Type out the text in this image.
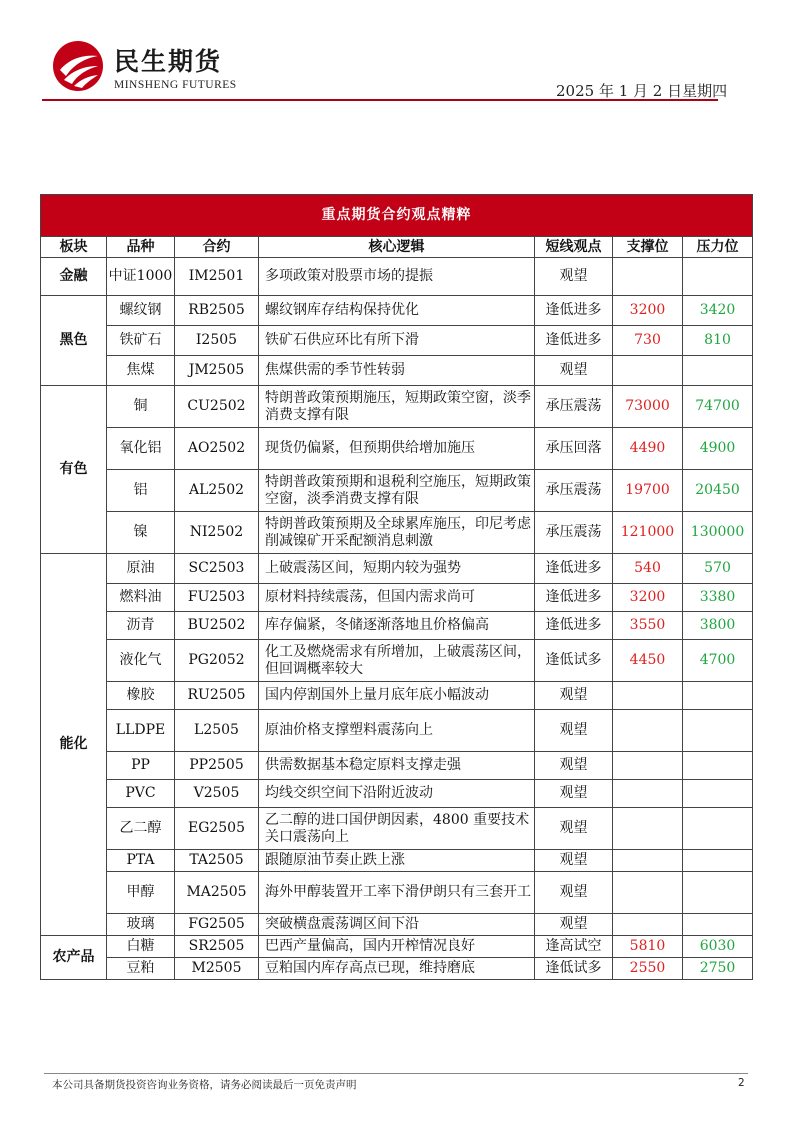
民生期货
MINSHENG FUTURES	2025 年 1 月 2 日星期四
重点期货合约观点精粹						
板块	品种	合约	核心逻辑	短线观点	支撑位	压力位
金融	中证1000	IM2501	多项政策对股票市场的提振	观望		
黑色	螺纹钢	RB2505	螺纹钢库存结构保持优化	逢低进多	3200	3420
	铁矿石	I2505	铁矿石供应环比有所下滑	逢低进多	730	810
	焦煤	JM2505	焦煤供需的季节性转弱	观望		
有色	铜	CU2502	特朗普政策预期施压，短期政策空窗，淡季消费支撑有限	承压震荡	73000	74700
	氧化铝	AO2502	现货仍偏紧，但预期供给增加施压	承压回落	4490	4900
	铝	AL2502	特朗普政策预期和退税利空施压，短期政策空窗，淡季消费支撑有限	承压震荡	19700	20450
	镍	NI2502	特朗普政策预期及全球累库施压，印尼考虑削减镍矿开采配额消息刺激	承压震荡	121000	130000
能化	原油	SC2503	上破震荡区间，短期内较为强势	逢低进多	540	570
	燃料油	FU2503	原材料持续震荡，但国内需求尚可	逢低进多	3200	3380
	沥青	BU2502	库存偏紧，冬储逐渐落地且价格偏高	逢低进多	3550	3800
	液化气	PG2052	化工及燃烧需求有所增加，上破震荡区间，但回调概率较大	逢低试多	4450	4700
	橡胶	RU2505	国内停割国外上量月底年底小幅波动	观望		
	LLDPE	L2505	原油价格支撑塑料震荡向上	观望		
	PP	PP2505	供需数据基本稳定原料支撑走强	观望		
	PVC	V2505	均线交织空间下沿附近波动	观望		
	乙二醇	EG2505	乙二醇的进口国伊朗因素，4800 重要技术关口震荡向上	观望		
	PTA	TA2505	跟随原油节奏止跌上涨	观望		
	甲醇	MA2505	海外甲醇装置开工率下滑伊朗只有三套开工	观望		
	玻璃	FG2505	突破横盘震荡调区间下沿	观望		
农产品	白糖	SR2505	巴西产量偏高，国内开榨情况良好	逢高试空	5810	6030
	豆粕	M2505	豆粕国内库存高点已现，维持磨底	逢低试多	2550	2750
本公司具备期货投资咨询业务资格，请务必阅读最后一页免责声明	2
